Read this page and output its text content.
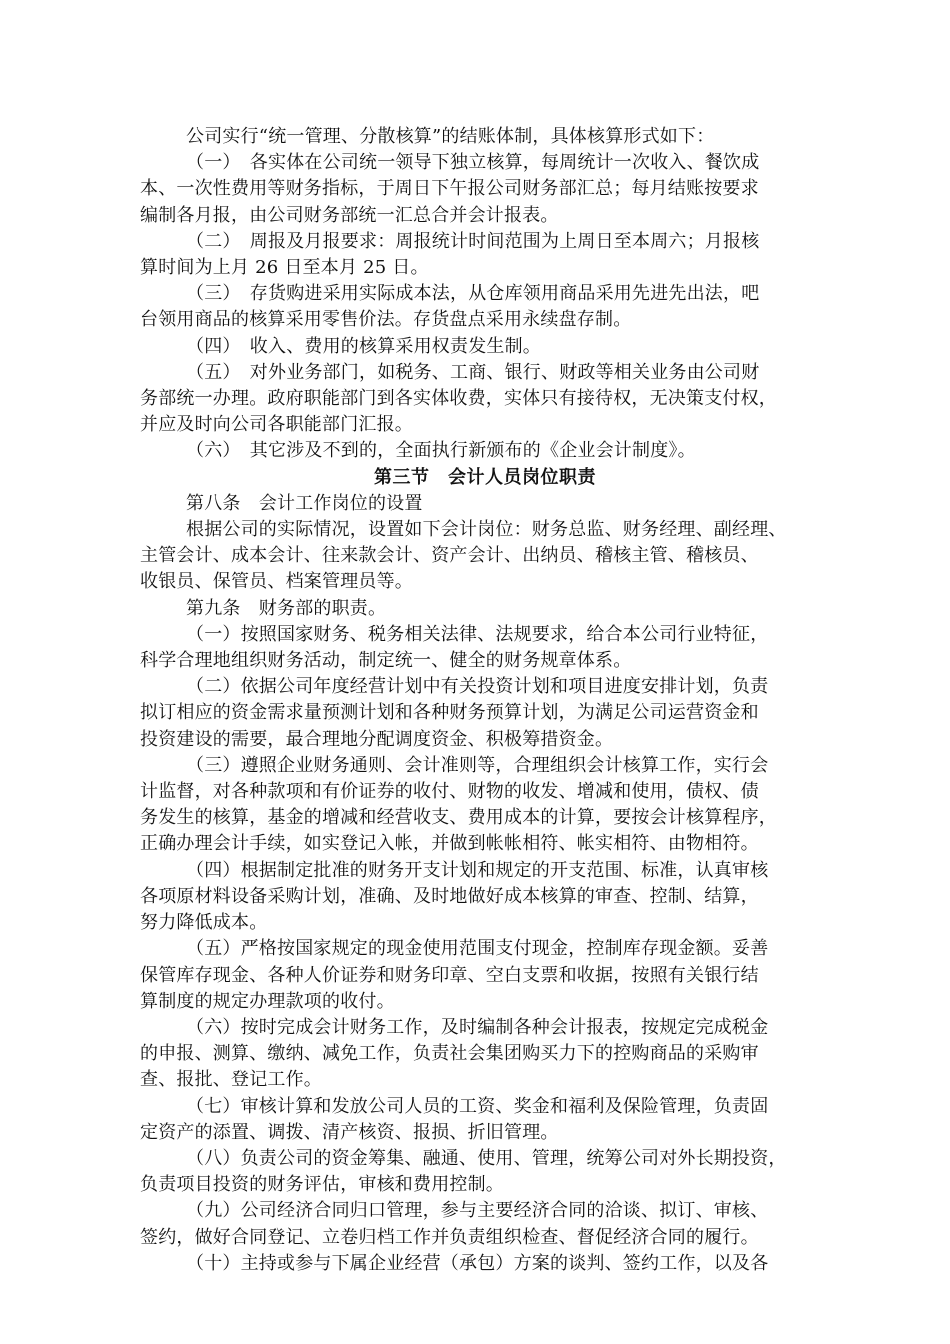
公司实行“统一管理、分散核算”的结账体制，具体核算形式如下：

（一）　各实体在公司统一领导下独立核算，每周统计一次收入、餐饮成

本、一次性费用等财务指标，于周日下午报公司财务部汇总；每月结账按要求

编制各月报，由公司财务部统一汇总合并会计报表。

（二）　周报及月报要求：周报统计时间范围为上周日至本周六；月报核

算时间为上月 26 日至本月 25 日。

（三）　存货购进采用实际成本法，从仓库领用商品采用先进先出法，吧

台领用商品的核算采用零售价法。存货盘点采用永续盘存制。

（四）　收入、费用的核算采用权责发生制。

（五）　对外业务部门，如税务、工商、银行、财政等相关业务由公司财

务部统一办理。政府职能部门到各实体收费，实体只有接待权，无决策支付权，

并应及时向公司各职能部门汇报。

（六）　其它涉及不到的，全面执行新颁布的《企业会计制度》。

第三节　会计人员岗位职责

第八条　会计工作岗位的设置

根据公司的实际情况，设置如下会计岗位：财务总监、财务经理、副经理、

主管会计、成本会计、往来款会计、资产会计、出纳员、稽核主管、稽核员、

收银员、保管员、档案管理员等。

第九条　财务部的职责。

（一）按照国家财务、税务相关法律、法规要求，给合本公司行业特征，

科学合理地组织财务活动，制定统一、健全的财务规章体系。

（二）依据公司年度经营计划中有关投资计划和项目进度安排计划，负责

拟订相应的资金需求量预测计划和各种财务预算计划，为满足公司运营资金和

投资建设的需要，最合理地分配调度资金、积极筹措资金。

（三）遵照企业财务通则、会计准则等，合理组织会计核算工作，实行会

计监督，对各种款项和有价证券的收付、财物的收发、增减和使用，债权、债

务发生的核算，基金的增减和经营收支、费用成本的计算，要按会计核算程序，

正确办理会计手续，如实登记入帐，并做到帐帐相符、帐实相符、由物相符。

（四）根据制定批准的财务开支计划和规定的开支范围、标准，认真审核

各项原材料设备采购计划，准确、及时地做好成本核算的审查、控制、结算，

努力降低成本。

（五）严格按国家规定的现金使用范围支付现金，控制库存现金额。妥善

保管库存现金、各种人价证券和财务印章、空白支票和收据，按照有关银行结

算制度的规定办理款项的收付。

（六）按时完成会计财务工作，及时编制各种会计报表，按规定完成税金

的申报、测算、缴纳、减免工作，负责社会集团购买力下的控购商品的采购审

查、报批、登记工作。

（七）审核计算和发放公司人员的工资、奖金和福利及保险管理，负责固

定资产的添置、调拨、清产核资、报损、折旧管理。

（八）负责公司的资金筹集、融通、使用、管理，统筹公司对外长期投资，

负责项目投资的财务评估，审核和费用控制。

（九）公司经济合同归口管理，参与主要经济合同的洽谈、拟订、审核、

签约，做好合同登记、立卷归档工作并负责组织检查、督促经济合同的履行。

（十）主持或参与下属企业经营（承包）方案的谈判、签约工作，以及各
